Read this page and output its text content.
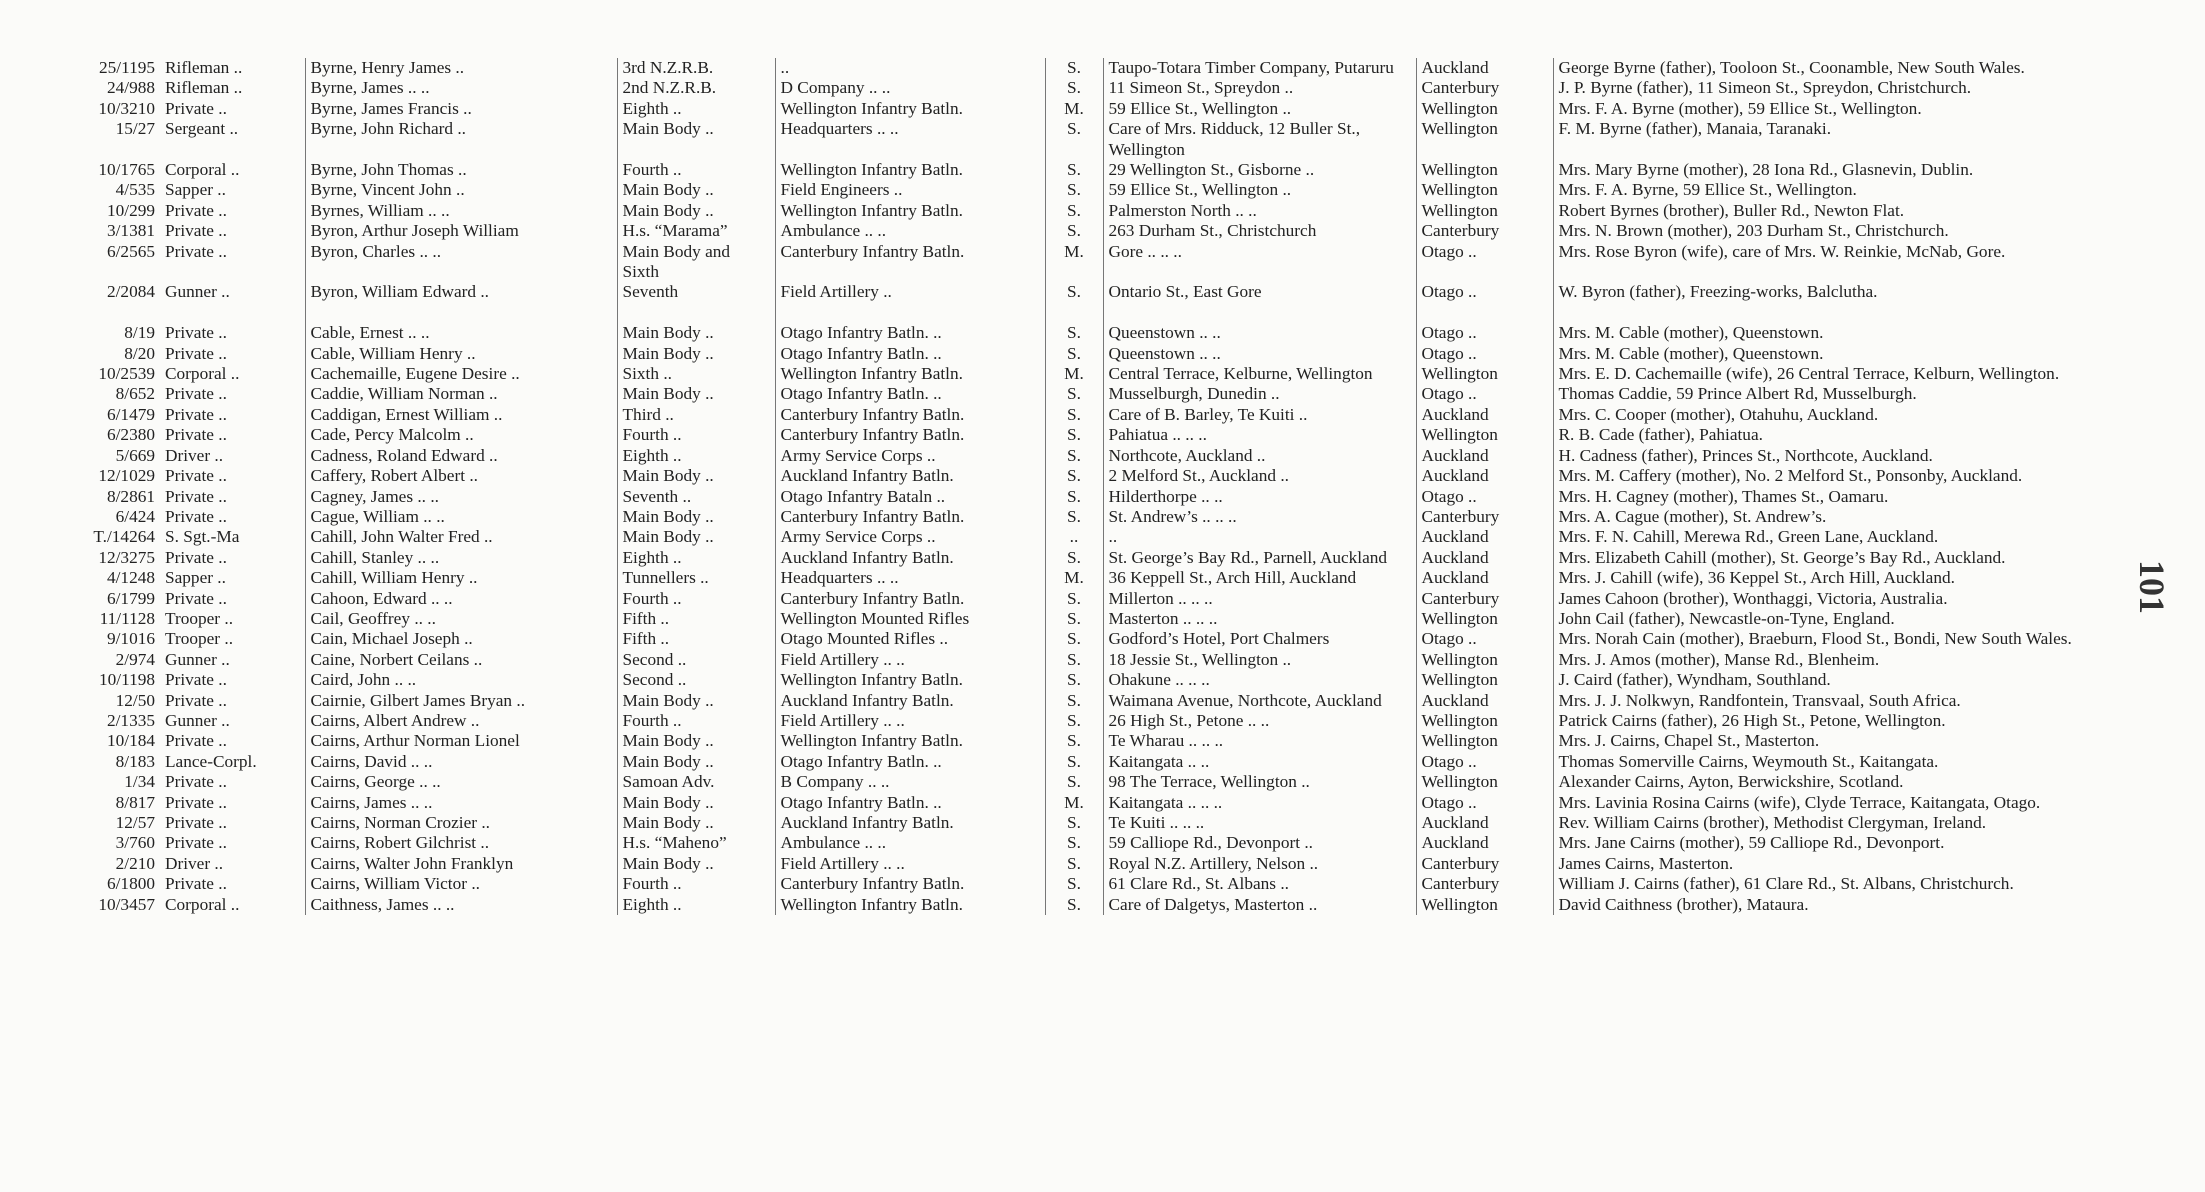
25/1195	Rifleman ..	Byrne, Henry James ..	3rd N.Z.R.B.	..	S.	Taupo-Totara Timber Company, Putaruru	Auckland	George Byrne (father), Tooloon St., Coonamble, New South Wales.
24/988	Rifleman ..	Byrne, James .. ..	2nd N.Z.R.B.	D Company .. ..	S.	11 Simeon St., Spreydon ..	Canterbury	J. P. Byrne (father), 11 Simeon St., Spreydon, Christchurch.
10/3210	Private ..	Byrne, James Francis ..	Eighth ..	Wellington Infantry Batln.	M.	59 Ellice St., Wellington ..	Wellington	Mrs. F. A. Byrne (mother), 59 Ellice St., Wellington.
15/27	Sergeant ..	Byrne, John Richard ..	Main Body ..	Headquarters .. ..	S.	Care of Mrs. Ridduck, 12 Buller St., Wellington	Wellington	F. M. Byrne (father), Manaia, Taranaki.
10/1765	Corporal ..	Byrne, John Thomas ..	Fourth ..	Wellington Infantry Batln.	S.	29 Wellington St., Gisborne ..	Wellington	Mrs. Mary Byrne (mother), 28 Iona Rd., Glasnevin, Dublin.
4/535	Sapper ..	Byrne, Vincent John ..	Main Body ..	Field Engineers ..	S.	59 Ellice St., Wellington ..	Wellington	Mrs. F. A. Byrne, 59 Ellice St., Wellington.
10/299	Private ..	Byrnes, William .. ..	Main Body ..	Wellington Infantry Batln.	S.	Palmerston North .. ..	Wellington	Robert Byrnes (brother), Buller Rd., Newton Flat.
3/1381	Private ..	Byron, Arthur Joseph William	H.s. “Marama”	Ambulance .. ..	S.	263 Durham St., Christchurch	Canterbury	Mrs. N. Brown (mother), 203 Durham St., Christchurch.
6/2565	Private ..	Byron, Charles .. ..	Main Body and Sixth	Canterbury Infantry Batln.	M.	Gore .. .. ..	Otago ..	Mrs. Rose Byron (wife), care of Mrs. W. Reinkie, McNab, Gore.
2/2084	Gunner ..	Byron, William Edward ..	Seventh	Field Artillery ..	S.	Ontario St., East Gore	Otago ..	W. Byron (father), Freezing-works, Balclutha.

8/19	Private ..	Cable, Ernest .. ..	Main Body ..	Otago Infantry Batln. ..	S.	Queenstown .. ..	Otago ..	Mrs. M. Cable (mother), Queenstown.
8/20	Private ..	Cable, William Henry ..	Main Body ..	Otago Infantry Batln. ..	S.	Queenstown .. ..	Otago ..	Mrs. M. Cable (mother), Queenstown.
10/2539	Corporal ..	Cachemaille, Eugene Desire ..	Sixth ..	Wellington Infantry Batln.	M.	Central Terrace, Kelburne, Wellington	Wellington	Mrs. E. D. Cachemaille (wife), 26 Central Terrace, Kelburn, Wellington.
8/652	Private ..	Caddie, William Norman ..	Main Body ..	Otago Infantry Batln. ..	S.	Musselburgh, Dunedin ..	Otago ..	Thomas Caddie, 59 Prince Albert Rd, Musselburgh.
6/1479	Private ..	Caddigan, Ernest William ..	Third ..	Canterbury Infantry Batln.	S.	Care of B. Barley, Te Kuiti ..	Auckland	Mrs. C. Cooper (mother), Otahuhu, Auckland.
6/2380	Private ..	Cade, Percy Malcolm ..	Fourth ..	Canterbury Infantry Batln.	S.	Pahiatua .. .. ..	Wellington	R. B. Cade (father), Pahiatua.
5/669	Driver ..	Cadness, Roland Edward ..	Eighth ..	Army Service Corps ..	S.	Northcote, Auckland ..	Auckland	H. Cadness (father), Princes St., Northcote, Auckland.
12/1029	Private ..	Caffery, Robert Albert ..	Main Body ..	Auckland Infantry Batln.	S.	2 Melford St., Auckland ..	Auckland	Mrs. M. Caffery (mother), No. 2 Melford St., Ponsonby, Auckland.
8/2861	Private ..	Cagney, James .. ..	Seventh ..	Otago Infantry Bataln ..	S.	Hilderthorpe .. ..	Otago ..	Mrs. H. Cagney (mother), Thames St., Oamaru.
6/424	Private ..	Cague, William .. ..	Main Body ..	Canterbury Infantry Batln.	S.	St. Andrew’s .. .. ..	Canterbury	Mrs. A. Cague (mother), St. Andrew’s.
T./14264	S. Sgt.-Ma	Cahill, John Walter Fred ..	Main Body ..	Army Service Corps ..	..	..	Auckland	Mrs. F. N. Cahill, Merewa Rd., Green Lane, Auckland.
12/3275	Private ..	Cahill, Stanley .. ..	Eighth ..	Auckland Infantry Batln.	S.	St. George’s Bay Rd., Parnell, Auckland	Auckland	Mrs. Elizabeth Cahill (mother), St. George’s Bay Rd., Auckland.
4/1248	Sapper ..	Cahill, William Henry ..	Tunnellers ..	Headquarters .. ..	M.	36 Keppell St., Arch Hill, Auckland	Auckland	Mrs. J. Cahill (wife), 36 Keppel St., Arch Hill, Auckland.
6/1799	Private ..	Cahoon, Edward .. ..	Fourth ..	Canterbury Infantry Batln.	S.	Millerton .. .. ..	Canterbury	James Cahoon (brother), Wonthaggi, Victoria, Australia.
11/1128	Trooper ..	Cail, Geoffrey .. ..	Fifth ..	Wellington Mounted Rifles	S.	Masterton .. .. ..	Wellington	John Cail (father), Newcastle-on-Tyne, England.
9/1016	Trooper ..	Cain, Michael Joseph ..	Fifth ..	Otago Mounted Rifles ..	S.	Godford’s Hotel, Port Chalmers	Otago ..	Mrs. Norah Cain (mother), Braeburn, Flood St., Bondi, New South Wales.
2/974	Gunner ..	Caine, Norbert Ceilans ..	Second ..	Field Artillery .. ..	S.	18 Jessie St., Wellington ..	Wellington	Mrs. J. Amos (mother), Manse Rd., Blenheim.
10/1198	Private ..	Caird, John .. ..	Second ..	Wellington Infantry Batln.	S.	Ohakune .. .. ..	Wellington	J. Caird (father), Wyndham, Southland.
12/50	Private ..	Cairnie, Gilbert James Bryan ..	Main Body ..	Auckland Infantry Batln.	S.	Waimana Avenue, Northcote, Auckland	Auckland	Mrs. J. J. Nolkwyn, Randfontein, Transvaal, South Africa.
2/1335	Gunner ..	Cairns, Albert Andrew ..	Fourth ..	Field Artillery .. ..	S.	26 High St., Petone .. ..	Wellington	Patrick Cairns (father), 26 High St., Petone, Wellington.
10/184	Private ..	Cairns, Arthur Norman Lionel	Main Body ..	Wellington Infantry Batln.	S.	Te Wharau .. .. ..	Wellington	Mrs. J. Cairns, Chapel St., Masterton.
8/183	Lance-Corpl.	Cairns, David .. ..	Main Body ..	Otago Infantry Batln. ..	S.	Kaitangata .. ..	Otago ..	Thomas Somerville Cairns, Weymouth St., Kaitangata.
1/34	Private ..	Cairns, George .. ..	Samoan Adv.	B Company .. ..	S.	98 The Terrace, Wellington ..	Wellington	Alexander Cairns, Ayton, Berwickshire, Scotland.
8/817	Private ..	Cairns, James .. ..	Main Body ..	Otago Infantry Batln. ..	M.	Kaitangata .. .. ..	Otago ..	Mrs. Lavinia Rosina Cairns (wife), Clyde Terrace, Kaitangata, Otago.
12/57	Private ..	Cairns, Norman Crozier ..	Main Body ..	Auckland Infantry Batln.	S.	Te Kuiti .. .. ..	Auckland	Rev. William Cairns (brother), Methodist Clergyman, Ireland.
3/760	Private ..	Cairns, Robert Gilchrist ..	H.s. “Maheno”	Ambulance .. ..	S.	59 Calliope Rd., Devonport ..	Auckland	Mrs. Jane Cairns (mother), 59 Calliope Rd., Devonport.
2/210	Driver ..	Cairns, Walter John Franklyn	Main Body ..	Field Artillery .. ..	S.	Royal N.Z. Artillery, Nelson ..	Canterbury	James Cairns, Masterton.
6/1800	Private ..	Cairns, William Victor ..	Fourth ..	Canterbury Infantry Batln.	S.	61 Clare Rd., St. Albans ..	Canterbury	William J. Cairns (father), 61 Clare Rd., St. Albans, Christchurch.
10/3457	Corporal ..	Caithness, James .. ..	Eighth ..	Wellington Infantry Batln.	S.	Care of Dalgetys, Masterton ..	Wellington	David Caithness (brother), Mataura.
101
